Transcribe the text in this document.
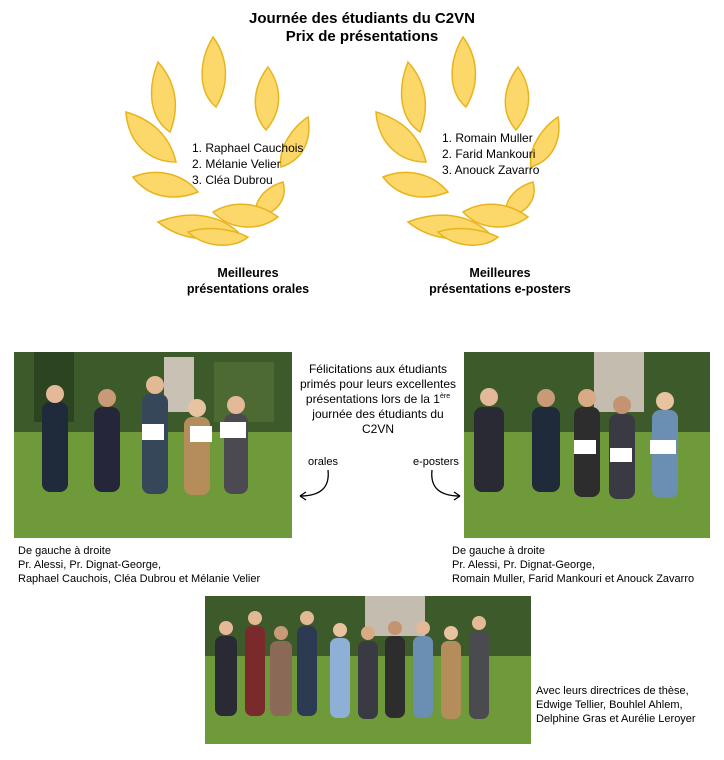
Journée des étudiants du C2VN
Prix de présentations
1. Raphael Cauchois
2. Mélanie Velier
3. Cléa Dubrou
Meilleures
présentations orales
1. Romain Muller
2. Farid Mankouri
3. Anouck Zavarro
Meilleures
présentations e-posters
Félicitations aux étudiants
primés pour leurs excellentes
présentations lors de la 1ère
journée des étudiants du
C2VN
orales	e-posters
De gauche à droite
Pr. Alessi, Pr. Dignat-George,
Raphael Cauchois, Cléa Dubrou et Mélanie Velier
De gauche à droite
Pr. Alessi, Pr. Dignat-George,
Romain Muller, Farid Mankouri et Anouck Zavarro
Avec leurs directrices de thèse,
Edwige Tellier, Bouhlel Ahlem,
Delphine Gras et Aurélie Leroyer
